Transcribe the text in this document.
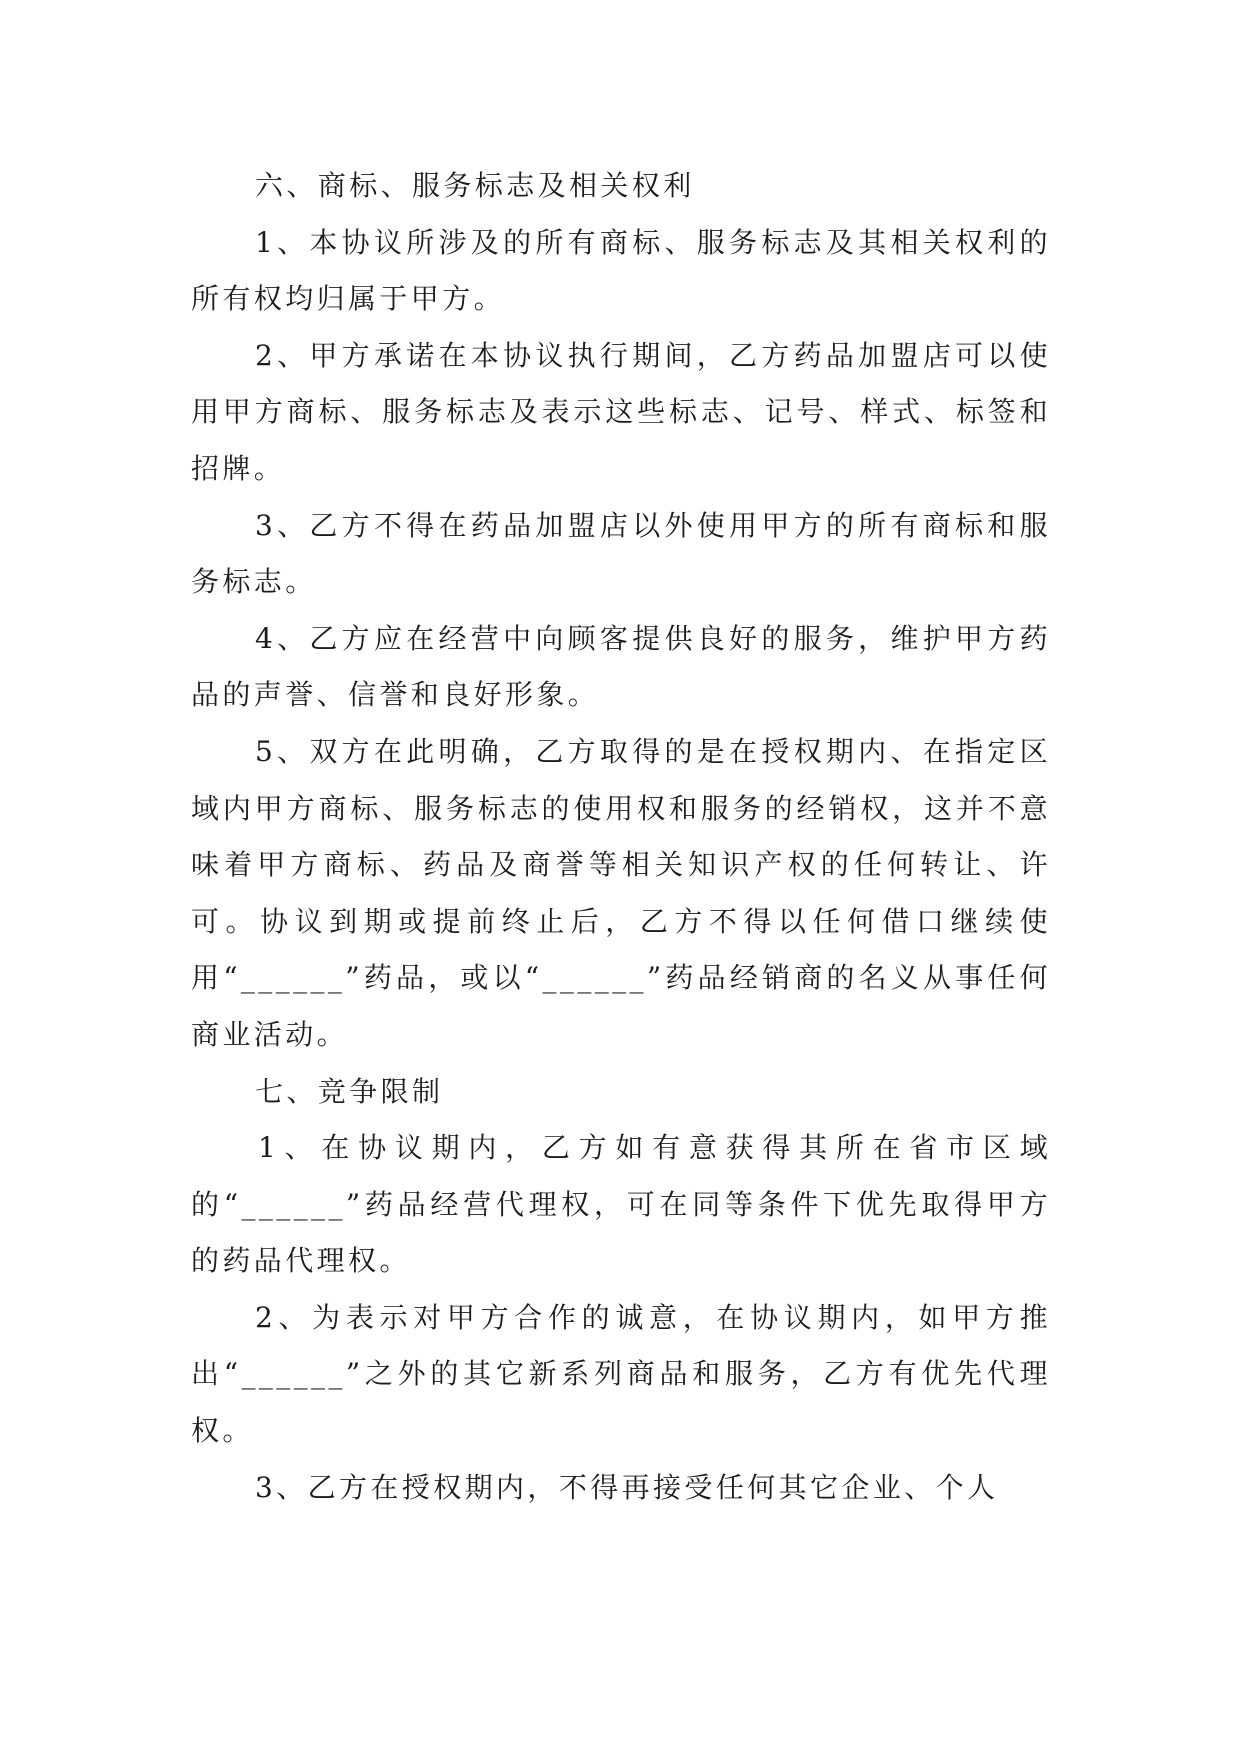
六、商标、服务标志及相关权利

1、本协议所涉及的所有商标、服务标志及其相关权利的所有权均归属于甲方。

2、甲方承诺在本协议执行期间，乙方药品加盟店可以使用甲方商标、服务标志及表示这些标志、记号、样式、标签和招牌。

3、乙方不得在药品加盟店以外使用甲方的所有商标和服务标志。

4、乙方应在经营中向顾客提供良好的服务，维护甲方药品的声誉、信誉和良好形象。

5、双方在此明确，乙方取得的是在授权期内、在指定区域内甲方商标、服务标志的使用权和服务的经销权，这并不意味着甲方商标、药品及商誉等相关知识产权的任何转让、许可。协议到期或提前终止后，乙方不得以任何借口继续使用“______”药品，或以“______”药品经销商的名义从事任何商业活动。

七、竞争限制

1、在协议期内，乙方如有意获得其所在省市区域的“______”药品经营代理权，可在同等条件下优先取得甲方的药品代理权。

2、为表示对甲方合作的诚意，在协议期内，如甲方推出“______”之外的其它新系列商品和服务，乙方有优先代理权。

3、乙方在授权期内，不得再接受任何其它企业、个人
